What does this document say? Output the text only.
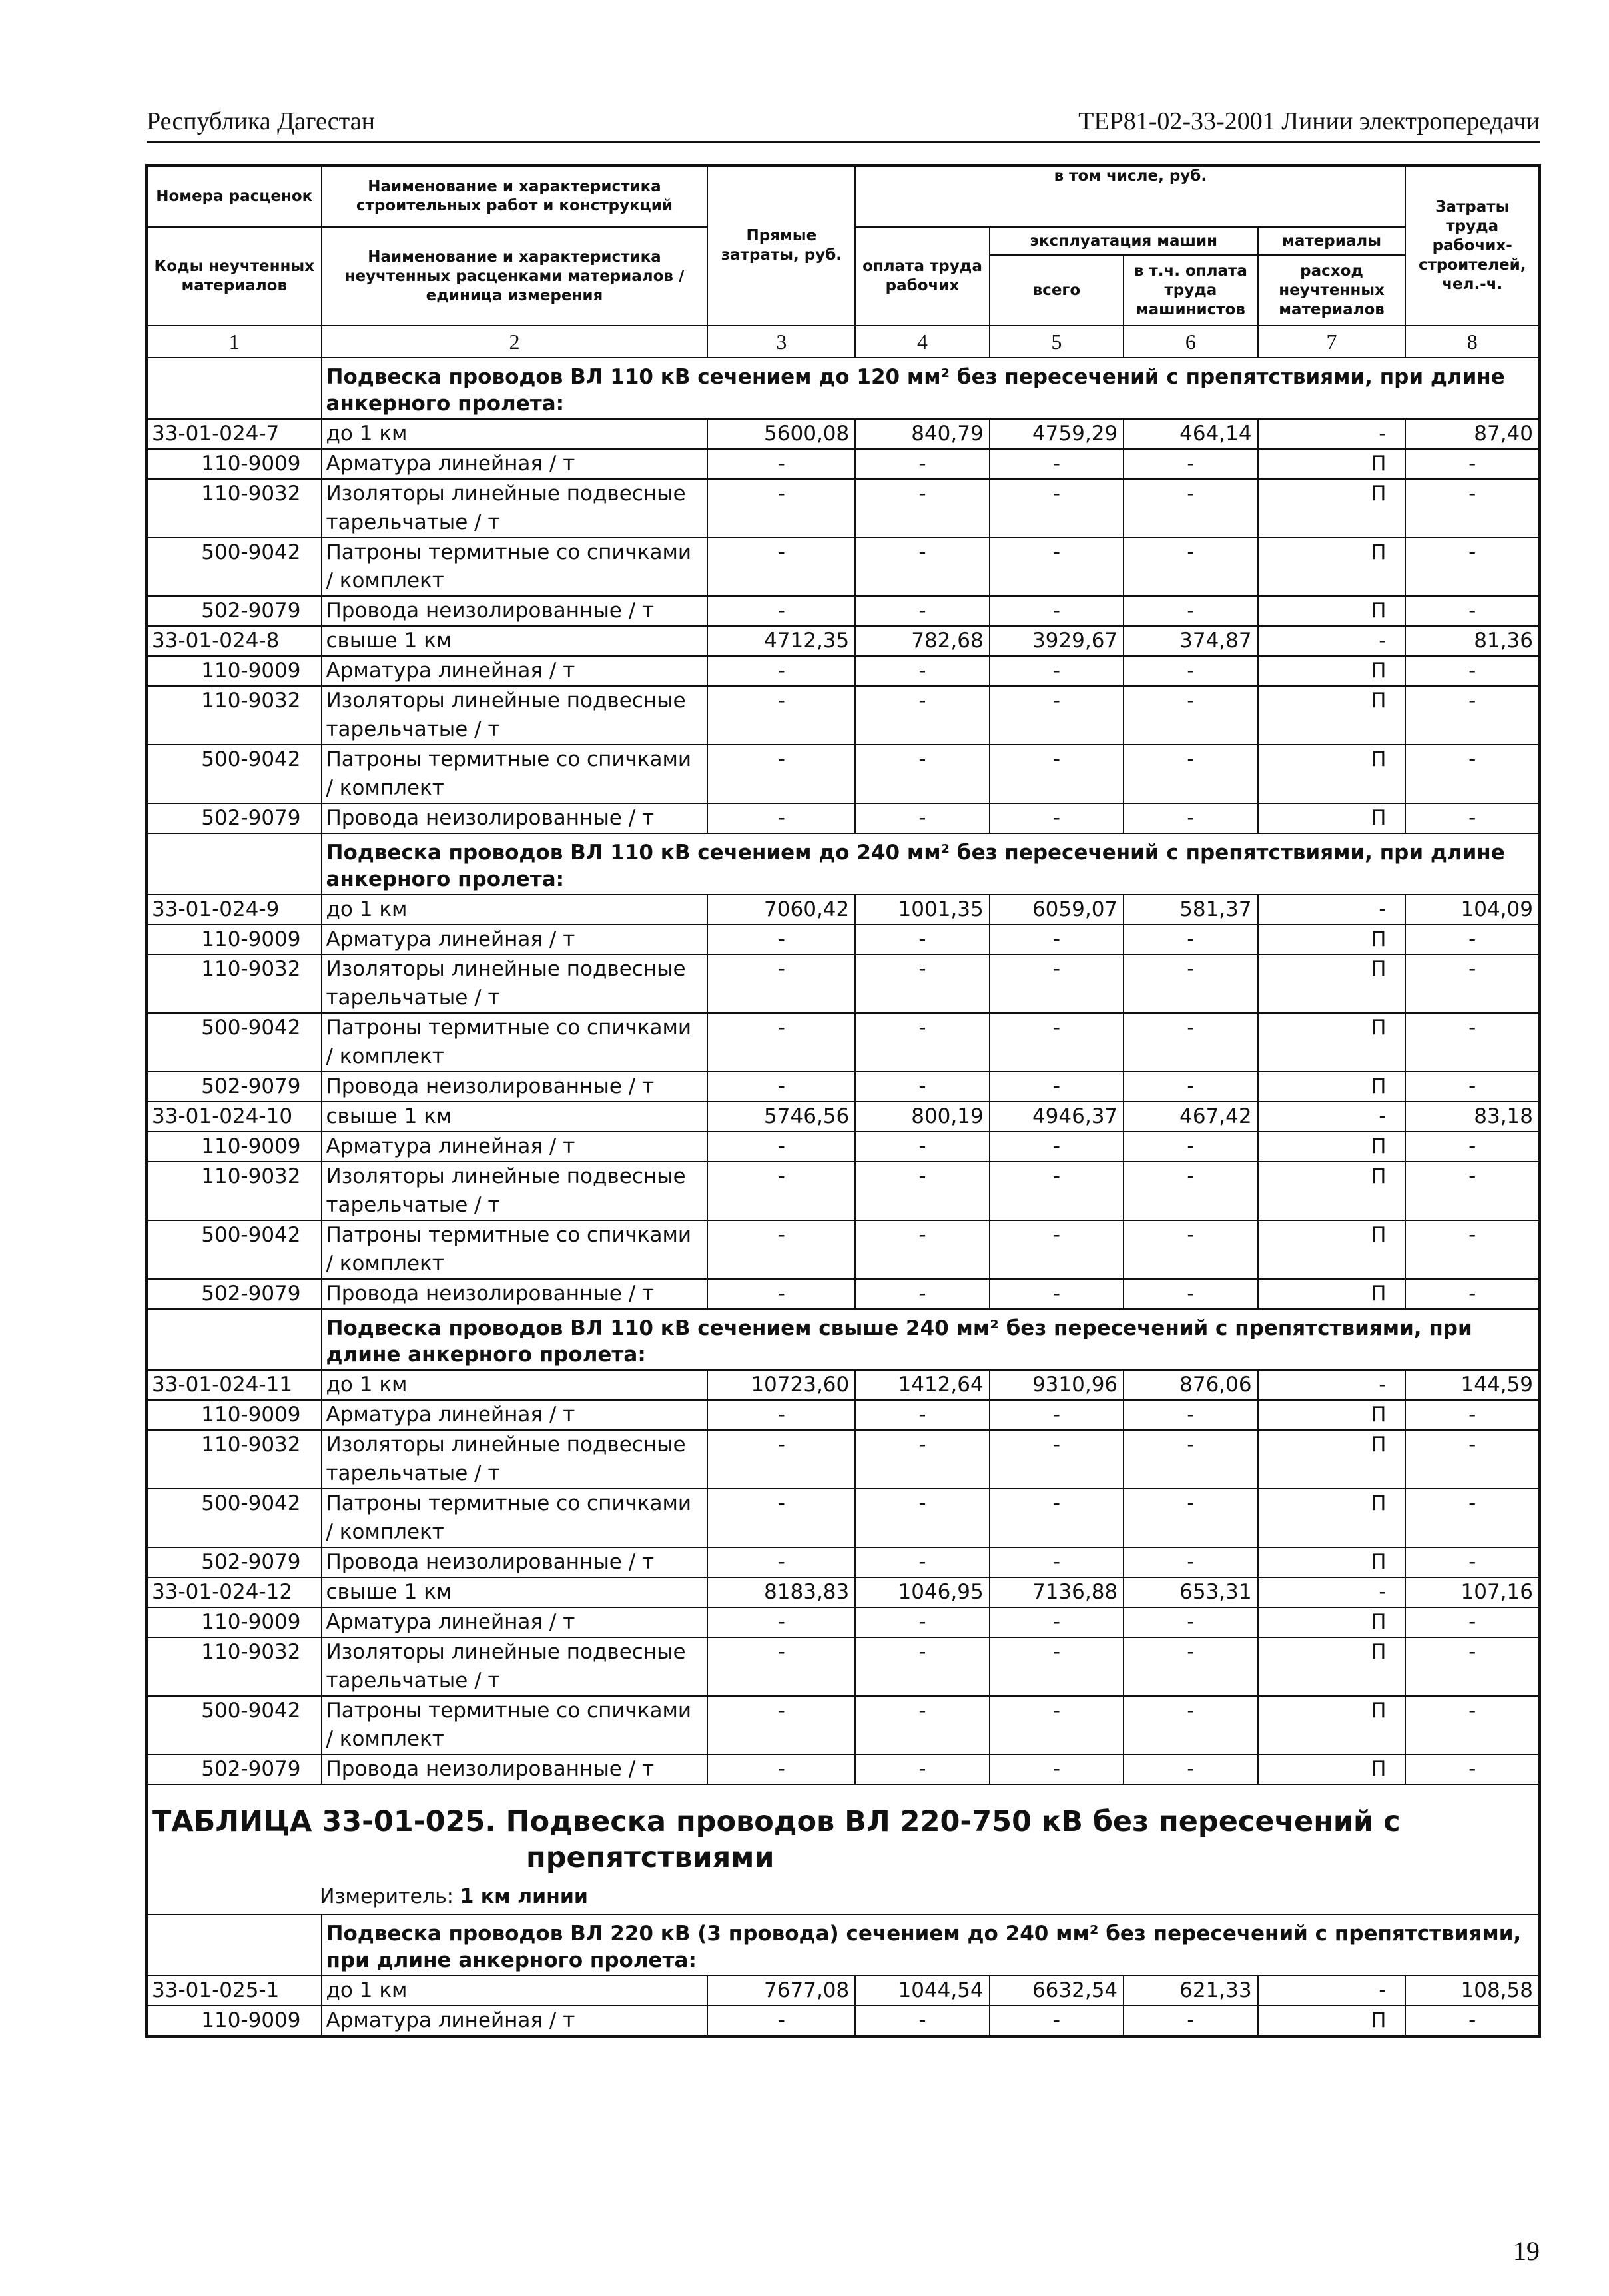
Республика Дагестан	ТЕР81-02-33-2001 Линии электропередачи
Номера расценок	Наименование и характеристика строительных работ и конструкций	Прямые затраты, руб.	в том числе, руб.				Затраты труда рабочих-строителей, чел.-ч.
Коды неучтенных материалов	Наименование и характеристика неучтенных расценками материалов / единица измерения		оплата труда рабочих	эксплуатация машин		материалы	
				всего	в т.ч. оплата труда машинистов	расход неучтенных материалов	
1	2	3	4	5	6	7	8
	Подвеска проводов ВЛ 110 кВ сечением до 120 мм² без пересечений с препятствиями, при длине анкерного пролета:						
33-01-024-7	до 1 км	5600,08	840,79	4759,29	464,14	-	87,40
110-9009	Арматура линейная / т	-	-	-	-	П	-
110-9032	Изоляторы линейные подвесные тарельчатые / т	-	-	-	-	П	-
500-9042	Патроны термитные со спичками / комплект	-	-	-	-	П	-
502-9079	Провода неизолированные / т	-	-	-	-	П	-
33-01-024-8	свыше 1 км	4712,35	782,68	3929,67	374,87	-	81,36
110-9009	Арматура линейная / т	-	-	-	-	П	-
110-9032	Изоляторы линейные подвесные тарельчатые / т	-	-	-	-	П	-
500-9042	Патроны термитные со спичками / комплект	-	-	-	-	П	-
502-9079	Провода неизолированные / т	-	-	-	-	П	-
	Подвеска проводов ВЛ 110 кВ сечением до 240 мм² без пересечений с препятствиями, при длине анкерного пролета:						
33-01-024-9	до 1 км	7060,42	1001,35	6059,07	581,37	-	104,09
110-9009	Арматура линейная / т	-	-	-	-	П	-
110-9032	Изоляторы линейные подвесные тарельчатые / т	-	-	-	-	П	-
500-9042	Патроны термитные со спичками / комплект	-	-	-	-	П	-
502-9079	Провода неизолированные / т	-	-	-	-	П	-
33-01-024-10	свыше 1 км	5746,56	800,19	4946,37	467,42	-	83,18
110-9009	Арматура линейная / т	-	-	-	-	П	-
110-9032	Изоляторы линейные подвесные тарельчатые / т	-	-	-	-	П	-
500-9042	Патроны термитные со спичками / комплект	-	-	-	-	П	-
502-9079	Провода неизолированные / т	-	-	-	-	П	-
	Подвеска проводов ВЛ 110 кВ сечением свыше 240 мм² без пересечений с препятствиями, при длине анкерного пролета:						
33-01-024-11	до 1 км	10723,60	1412,64	9310,96	876,06	-	144,59
110-9009	Арматура линейная / т	-	-	-	-	П	-
110-9032	Изоляторы линейные подвесные тарельчатые / т	-	-	-	-	П	-
500-9042	Патроны термитные со спичками / комплект	-	-	-	-	П	-
502-9079	Провода неизолированные / т	-	-	-	-	П	-
33-01-024-12	свыше 1 км	8183,83	1046,95	7136,88	653,31	-	107,16
110-9009	Арматура линейная / т	-	-	-	-	П	-
110-9032	Изоляторы линейные подвесные тарельчатые / т	-	-	-	-	П	-
500-9042	Патроны термитные со спичками / комплект	-	-	-	-	П	-
502-9079	Провода неизолированные / т	-	-	-	-	П	-
ТАБЛИЦА 33-01-025. Подвеска проводов ВЛ 220-750 кВ без пересечений с
препятствиями							

Измеритель: 1 км линии							
	Подвеска проводов ВЛ 220 кВ (3 провода) сечением до 240 мм² без пересечений с препятствиями, при длине анкерного пролета:						
33-01-025-1	до 1 км	7677,08	1044,54	6632,54	621,33	-	108,58
110-9009	Арматура линейная / т	-	-	-	-	П	-
19
